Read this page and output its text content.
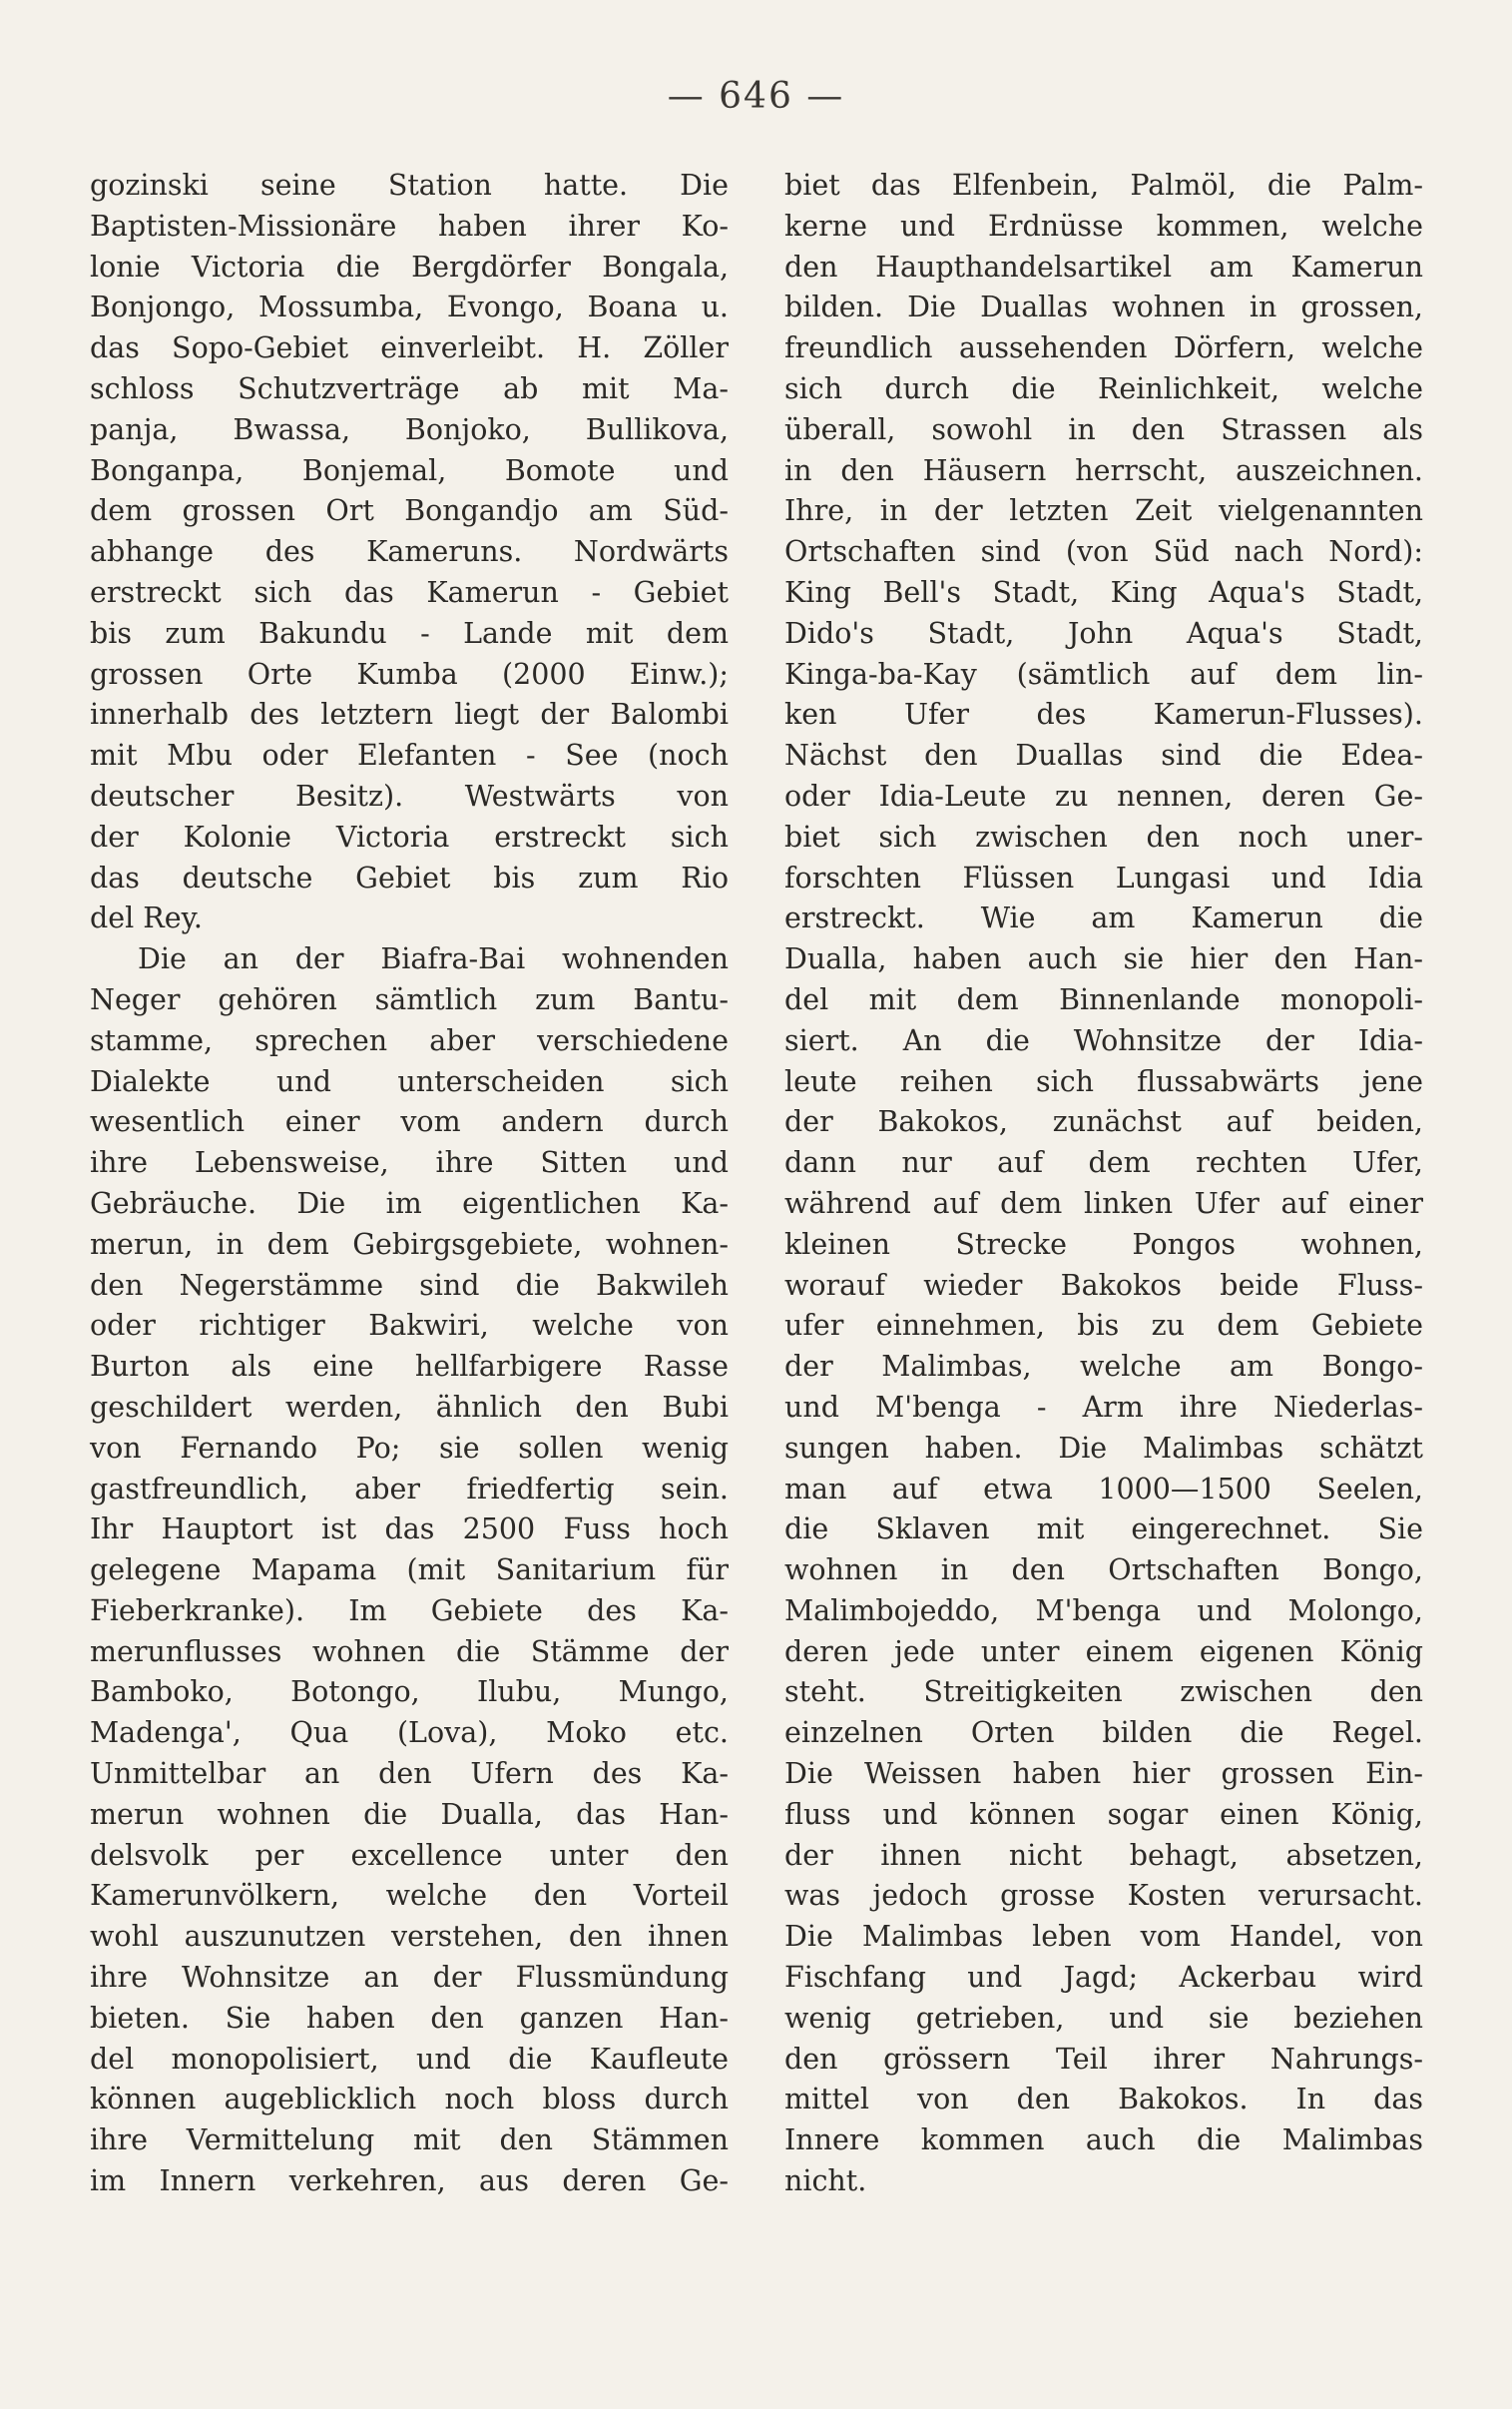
— 646 —
gozinski seine Station hatte. Die
Baptisten-Missionäre haben ihrer Ko-
lonie Victoria die Bergdörfer Bongala,
Bonjongo, Mossumba, Evongo, Boana u.
das Sopo-Gebiet einverleibt. H. Zöller
schloss Schutzverträge ab mit Ma-
panja, Bwassa, Bonjoko, Bullikova,
Bonganpa, Bonjemal, Bomote und
dem grossen Ort Bongandjo am Süd-
abhange des Kameruns. Nordwärts
erstreckt sich das Kamerun - Gebiet
bis zum Bakundu - Lande mit dem
grossen Orte Kumba (2000 Einw.);
innerhalb des letztern liegt der Balombi
mit Mbu oder Elefanten - See (noch
deutscher Besitz). Westwärts von
der Kolonie Victoria erstreckt sich
das deutsche Gebiet bis zum Rio
del Rey.
Die an der Biafra-Bai wohnenden
Neger gehören sämtlich zum Bantu-
stamme, sprechen aber verschiedene
Dialekte und unterscheiden sich
wesentlich einer vom andern durch
ihre Lebensweise, ihre Sitten und
Gebräuche. Die im eigentlichen Ka-
merun, in dem Gebirgsgebiete, wohnen-
den Negerstämme sind die Bakwileh
oder richtiger Bakwiri, welche von
Burton als eine hellfarbigere Rasse
geschildert werden, ähnlich den Bubi
von Fernando Po; sie sollen wenig
gastfreundlich, aber friedfertig sein.
Ihr Hauptort ist das 2500 Fuss hoch
gelegene Mapama (mit Sanitarium für
Fieberkranke). Im Gebiete des Ka-
merunflusses wohnen die Stämme der
Bamboko, Botongo, Ilubu, Mungo,
Madenga', Qua (Lova), Moko etc.
Unmittelbar an den Ufern des Ka-
merun wohnen die Dualla, das Han-
delsvolk per excellence unter den
Kamerunvölkern, welche den Vorteil
wohl auszunutzen verstehen, den ihnen
ihre Wohnsitze an der Flussmündung
bieten. Sie haben den ganzen Han-
del monopolisiert, und die Kaufleute
können augeblicklich noch bloss durch
ihre Vermittelung mit den Stämmen
im Innern verkehren, aus deren Ge-
biet das Elfenbein, Palmöl, die Palm-
kerne und Erdnüsse kommen, welche
den Haupthandelsartikel am Kamerun
bilden. Die Duallas wohnen in grossen,
freundlich aussehenden Dörfern, welche
sich durch die Reinlichkeit, welche
überall, sowohl in den Strassen als
in den Häusern herrscht, auszeichnen.
Ihre, in der letzten Zeit vielgenannten
Ortschaften sind (von Süd nach Nord):
King Bell's Stadt, King Aqua's Stadt,
Dido's Stadt, John Aqua's Stadt,
Kinga-ba-Kay (sämtlich auf dem lin-
ken Ufer des Kamerun-Flusses).
Nächst den Duallas sind die Edea-
oder Idia-Leute zu nennen, deren Ge-
biet sich zwischen den noch uner-
forschten Flüssen Lungasi und Idia
erstreckt. Wie am Kamerun die
Dualla, haben auch sie hier den Han-
del mit dem Binnenlande monopoli-
siert. An die Wohnsitze der Idia-
leute reihen sich flussabwärts jene
der Bakokos, zunächst auf beiden,
dann nur auf dem rechten Ufer,
während auf dem linken Ufer auf einer
kleinen Strecke Pongos wohnen,
worauf wieder Bakokos beide Fluss-
ufer einnehmen, bis zu dem Gebiete
der Malimbas, welche am Bongo-
und M'benga - Arm ihre Niederlas-
sungen haben. Die Malimbas schätzt
man auf etwa 1000—1500 Seelen,
die Sklaven mit eingerechnet. Sie
wohnen in den Ortschaften Bongo,
Malimbojeddo, M'benga und Molongo,
deren jede unter einem eigenen König
steht. Streitigkeiten zwischen den
einzelnen Orten bilden die Regel.
Die Weissen haben hier grossen Ein-
fluss und können sogar einen König,
der ihnen nicht behagt, absetzen,
was jedoch grosse Kosten verursacht.
Die Malimbas leben vom Handel, von
Fischfang und Jagd; Ackerbau wird
wenig getrieben, und sie beziehen
den grössern Teil ihrer Nahrungs-
mittel von den Bakokos. In das
Innere kommen auch die Malimbas
nicht.
